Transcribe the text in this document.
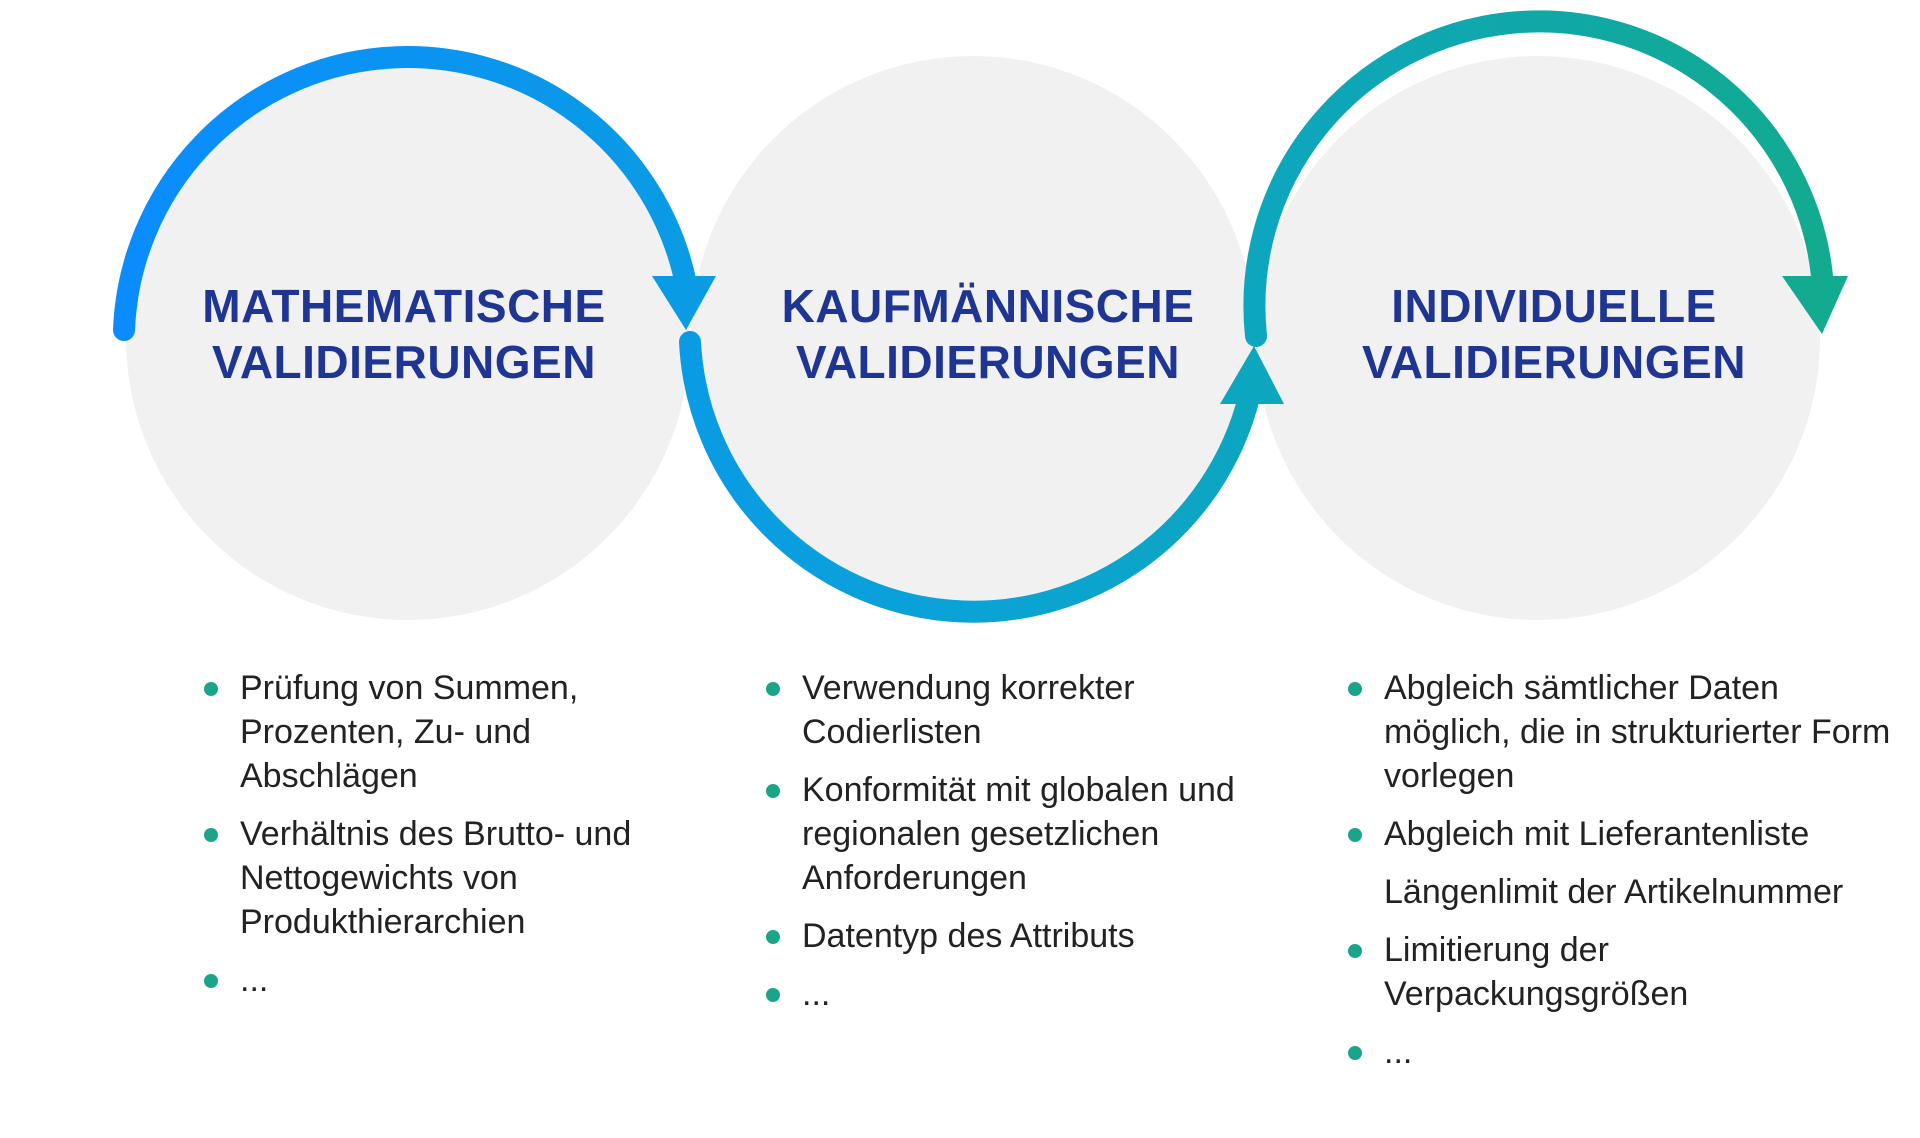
MATHEMATISCHE
VALIDIERUNGEN
KAUFMÄNNISCHE
VALIDIERUNGEN
INDIVIDUELLE
VALIDIERUNGEN
Prüfung von Summen, Prozenten, Zu- und Abschlägen
Verhältnis des Brutto- und Nettogewichts von Produkthierarchien
...
Verwendung korrekter Codierlisten
Konformität mit globalen und regionalen gesetzlichen Anforderungen
Datentyp des Attributs
...
Abgleich sämtlicher Daten möglich, die in strukturierter Form vorlegen
Abgleich mit Lieferantenliste
Längenlimit der Artikelnummer
Limitierung der Verpackungsgrößen
...
